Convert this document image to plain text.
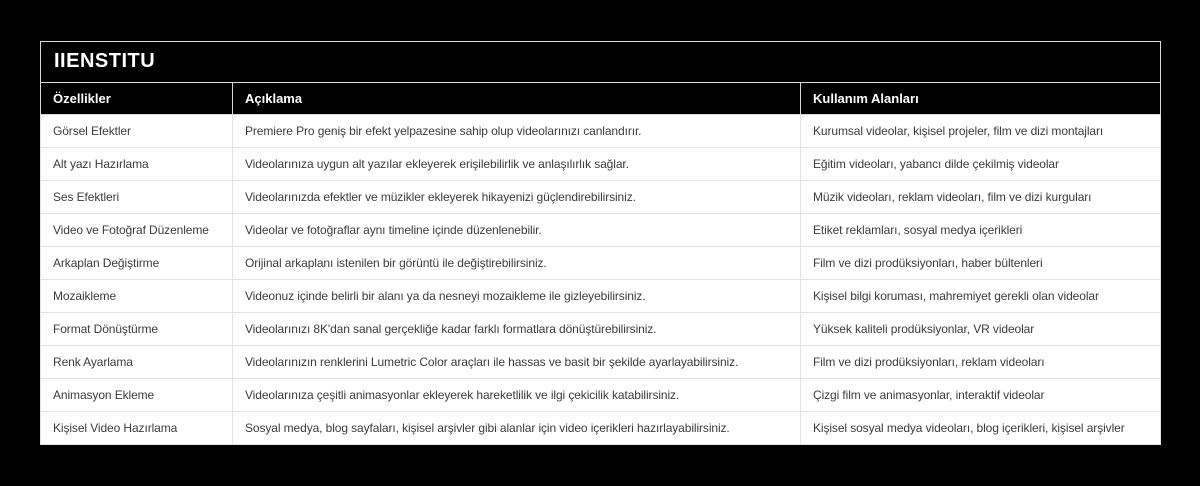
IIENSTITU
Özellikler	Açıklama	Kullanım Alanları
Görsel Efektler	Premiere Pro geniş bir efekt yelpazesine sahip olup videolarınızı canlandırır.	Kurumsal videolar, kişisel projeler, film ve dizi montajları
Alt yazı Hazırlama	Videolarınıza uygun alt yazılar ekleyerek erişilebilirlik ve anlaşılırlık sağlar.	Eğitim videoları, yabancı dilde çekilmiş videolar
Ses Efektleri	Videolarınızda efektler ve müzikler ekleyerek hikayenizi güçlendirebilirsiniz.	Müzik videoları, reklam videoları, film ve dizi kurguları
Video ve Fotoğraf Düzenleme	Videolar ve fotoğraflar aynı timeline içinde düzenlenebilir.	Etiket reklamları, sosyal medya içerikleri
Arkaplan Değiştirme	Orijinal arkaplanı istenilen bir görüntü ile değiştirebilirsiniz.	Film ve dizi prodüksiyonları, haber bültenleri
Mozaikleme	Videonuz içinde belirli bir alanı ya da nesneyi mozaikleme ile gizleyebilirsiniz.	Kişisel bilgi koruması, mahremiyet gerekli olan videolar
Format Dönüştürme	Videolarınızı 8K'dan sanal gerçekliğe kadar farklı formatlara dönüştürebilirsiniz.	Yüksek kaliteli prodüksiyonlar, VR videolar
Renk Ayarlama	Videolarınızın renklerini Lumetric Color araçları ile hassas ve basit bir şekilde ayarlayabilirsiniz.	Film ve dizi prodüksiyonları, reklam videoları
Animasyon Ekleme	Videolarınıza çeşitli animasyonlar ekleyerek hareketlilik ve ilgi çekicilik katabilirsiniz.	Çizgi film ve animasyonlar, interaktif videolar
Kişisel Video Hazırlama	Sosyal medya, blog sayfaları, kişisel arşivler gibi alanlar için video içerikleri hazırlayabilirsiniz.	Kişisel sosyal medya videoları, blog içerikleri, kişisel arşivler
